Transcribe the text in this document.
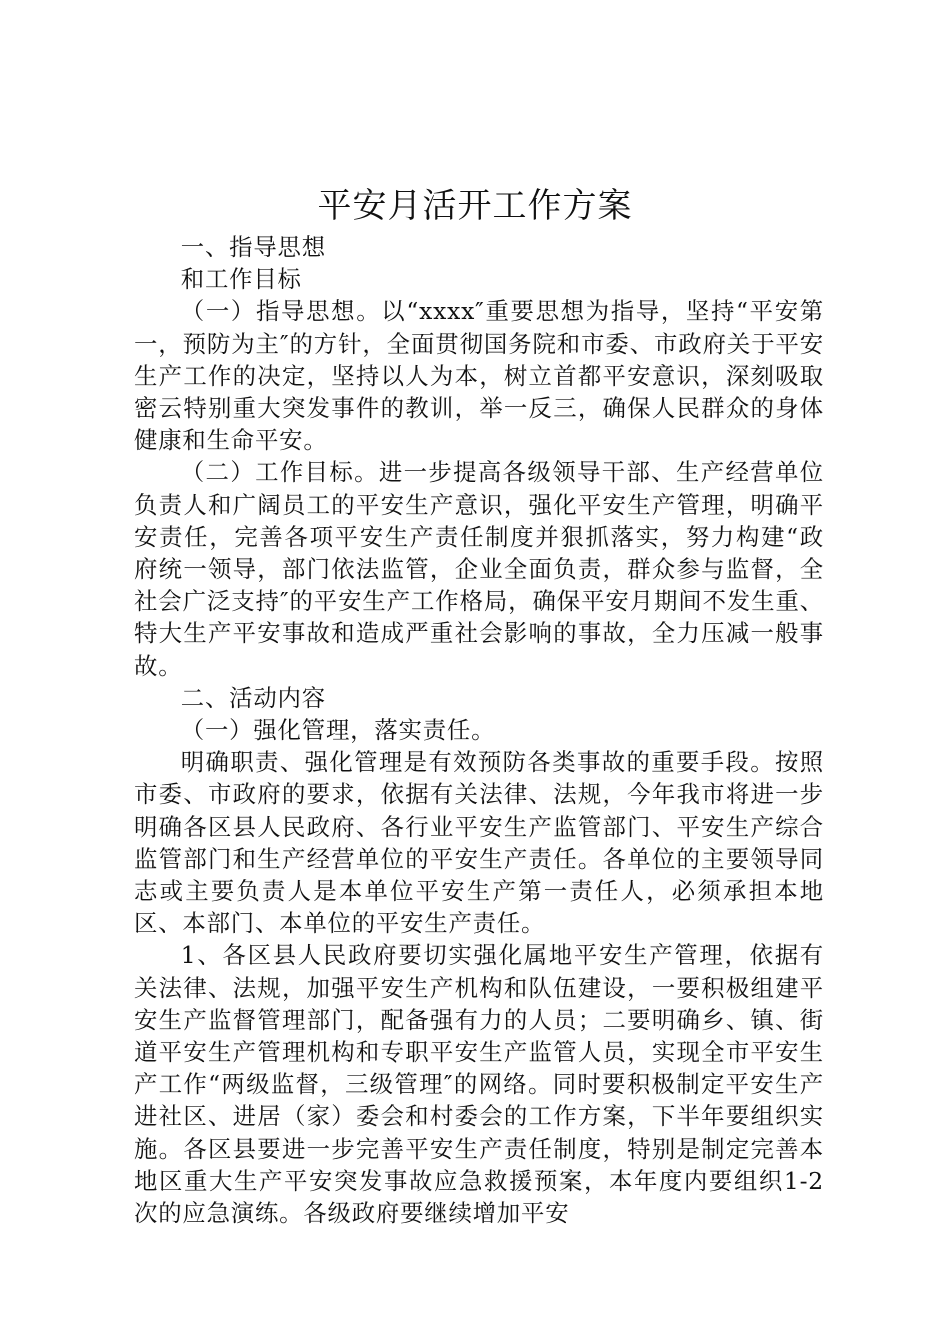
平安月活开工作方案

一、指导思想

和工作目标

（一）指导思想。以“xxxx″重要思想为指导，坚持“平安第一，预防为主″的方针，全面贯彻国务院和市委、市政府关于平安生产工作的决定，坚持以人为本，树立首都平安意识，深刻吸取密云特别重大突发事件的教训，举一反三，确保人民群众的身体健康和生命平安。

（二）工作目标。进一步提高各级领导干部、生产经营单位负责人和广阔员工的平安生产意识，强化平安生产管理，明确平安责任，完善各项平安生产责任制度并狠抓落实，努力构建“政府统一领导，部门依法监管，企业全面负责，群众参与监督，全社会广泛支持″的平安生产工作格局，确保平安月期间不发生重、特大生产平安事故和造成严重社会影响的事故，全力压减一般事故。

二、活动内容

（一）强化管理，落实责任。

明确职责、强化管理是有效预防各类事故的重要手段。按照市委、市政府的要求，依据有关法律、法规，今年我市将进一步明确各区县人民政府、各行业平安生产监管部门、平安生产综合监管部门和生产经营单位的平安生产责任。各单位的主要领导同志或主要负责人是本单位平安生产第一责任人，必须承担本地区、本部门、本单位的平安生产责任。

1、各区县人民政府要切实强化属地平安生产管理，依据有关法律、法规，加强平安生产机构和队伍建设，一要积极组建平安生产监督管理部门，配备强有力的人员；二要明确乡、镇、街道平安生产管理机构和专职平安生产监管人员，实现全市平安生产工作“两级监督，三级管理″的网络。同时要积极制定平安生产进社区、进居（家）委会和村委会的工作方案，下半年要组织实施。各区县要进一步完善平安生产责任制度，特别是制定完善本地区重大生产平安突发事故应急救援预案，本年度内要组织1-2次的应急演练。各级政府要继续增加平安
